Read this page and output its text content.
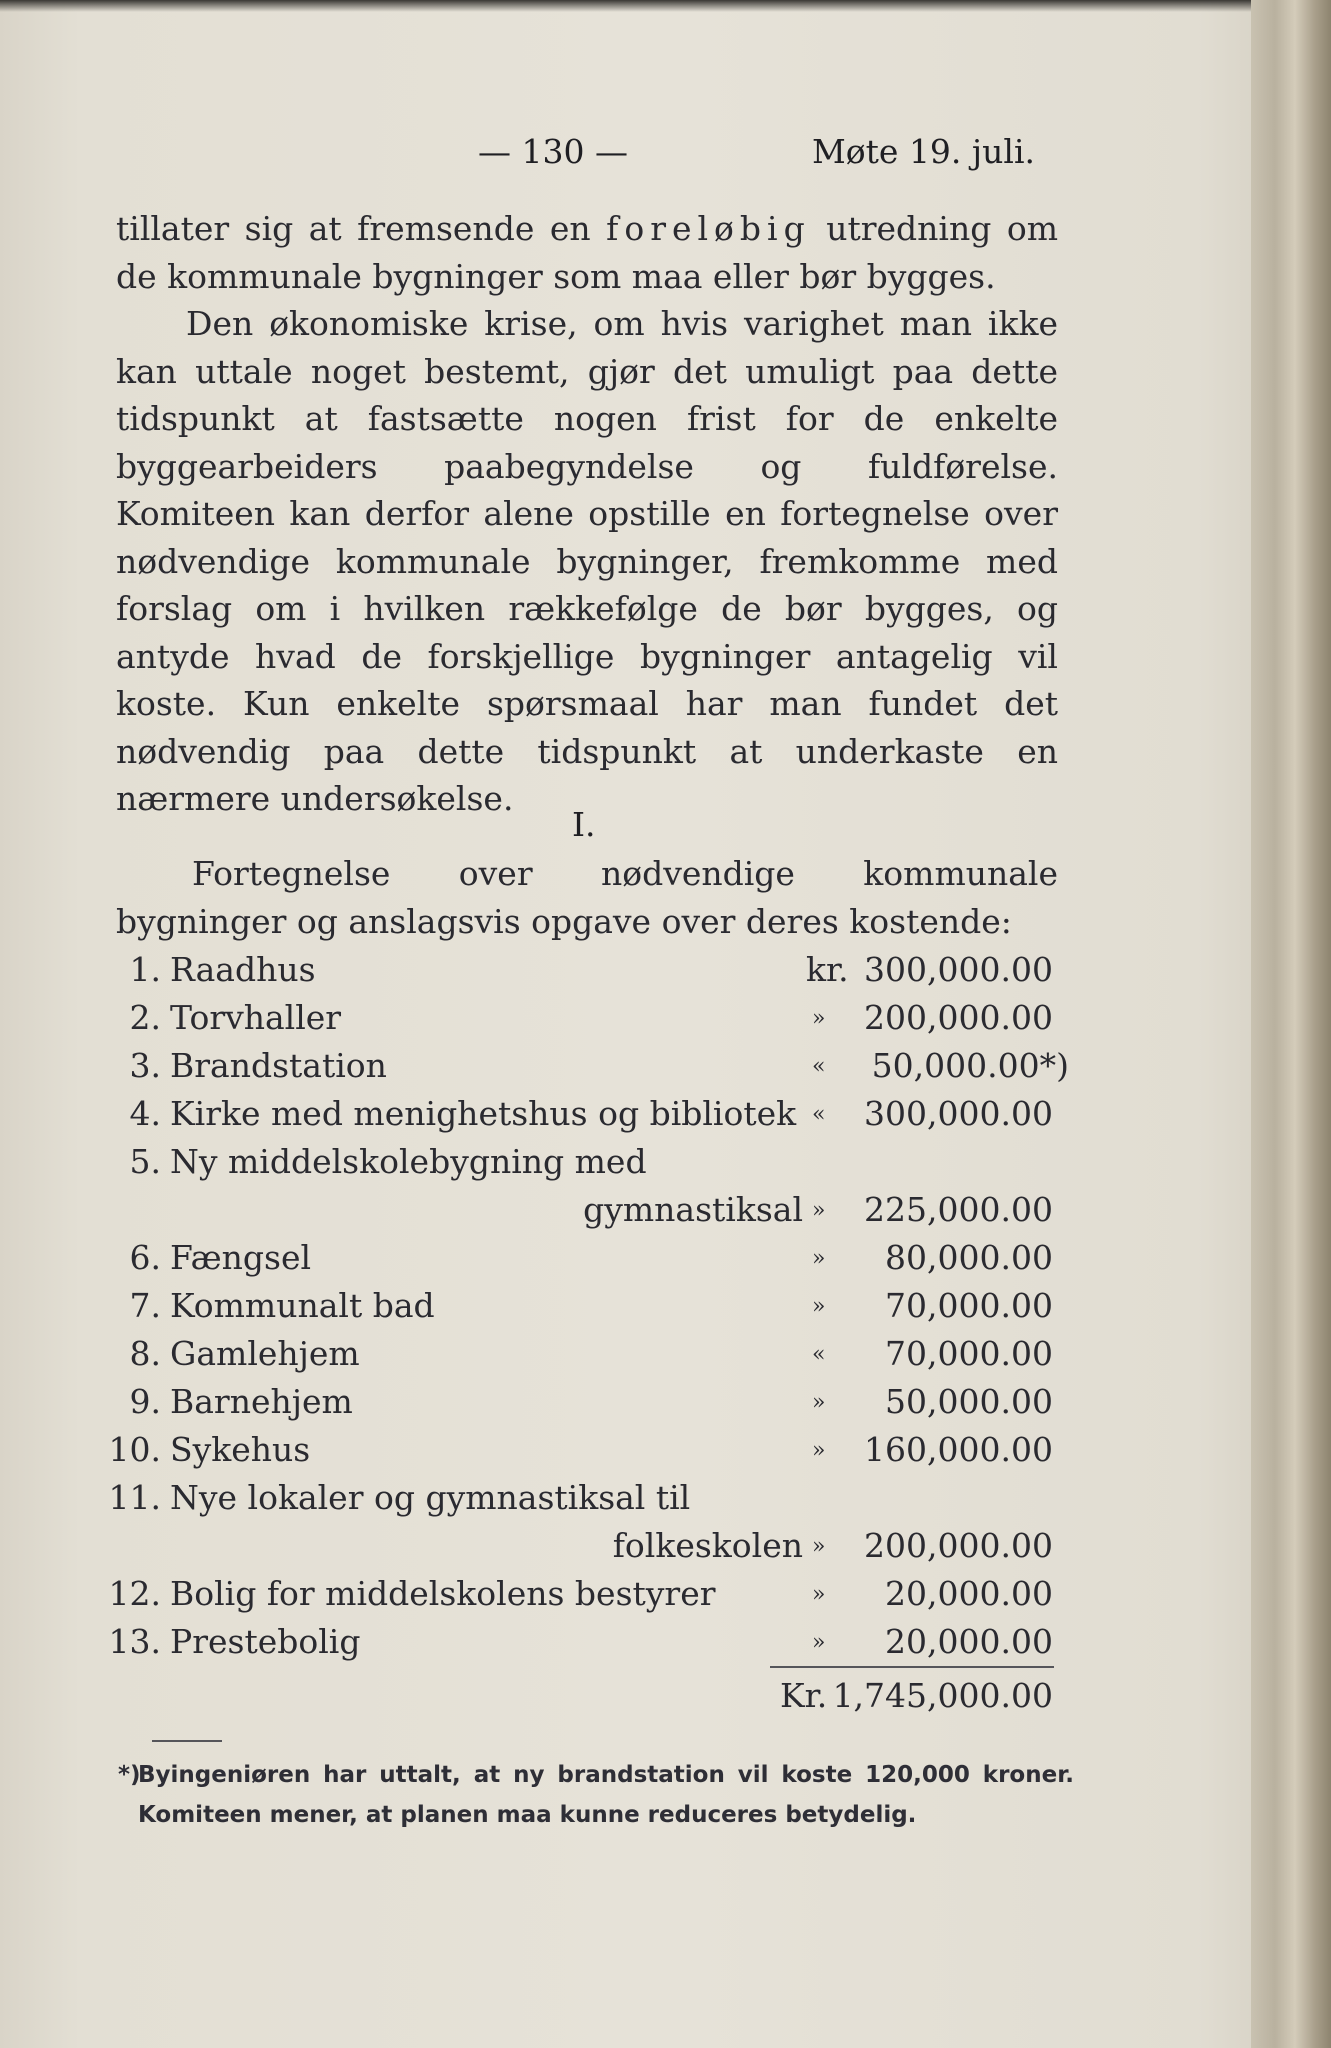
— 130 —	Møte 19. juli.

tillater sig at fremsende en foreløbig utredning om de kommunale bygninger som maa eller bør bygges.

Den økonomiske krise, om hvis varighet man ikke kan uttale noget bestemt, gjør det umuligt paa dette tidspunkt at fastsætte nogen frist for de enkelte byggearbeiders paabegyndelse og fuldførelse. Komiteen kan derfor alene opstille en fortegnelse over nødvendige kommunale bygninger, fremkomme med forslag om i hvilken rækkefølge de bør bygges, og antyde hvad de forskjellige bygninger antagelig vil koste. Kun enkelte spørsmaal har man fundet det nødvendig paa dette tidspunkt at underkaste en nærmere undersøkelse.

I.
Fortegnelse over nødvendige kommunale bygninger og anslagsvis opgave over deres kostende:
1. Raadhus	kr. 300,000.00
2. Torvhaller	» 200,000.00
3. Brandstation	« 50,000.00*)
4. Kirke med menighetshus og bibliotek « 300,000.00
5. Ny middelskolebygning med
gymnastiksal » 225,000.00
6. Fængsel	» 80,000.00
7. Kommunalt bad	» 70,000.00
8. Gamlehjem	« 70,000.00
9. Barnehjem	» 50,000.00
10. Sykehus	» 160,000.00
11. Nye lokaler og gymnastiksal til
folkeskolen » 200,000.00
12. Bolig for middelskolens bestyrer	» 20,000.00
13. Prestebolig	» 20,000.00
Kr. 1,745,000.00
*)
Byingeniøren har uttalt, at ny brandstation vil koste 120,000 kroner. Komiteen mener, at planen maa kunne reduceres betydelig.
